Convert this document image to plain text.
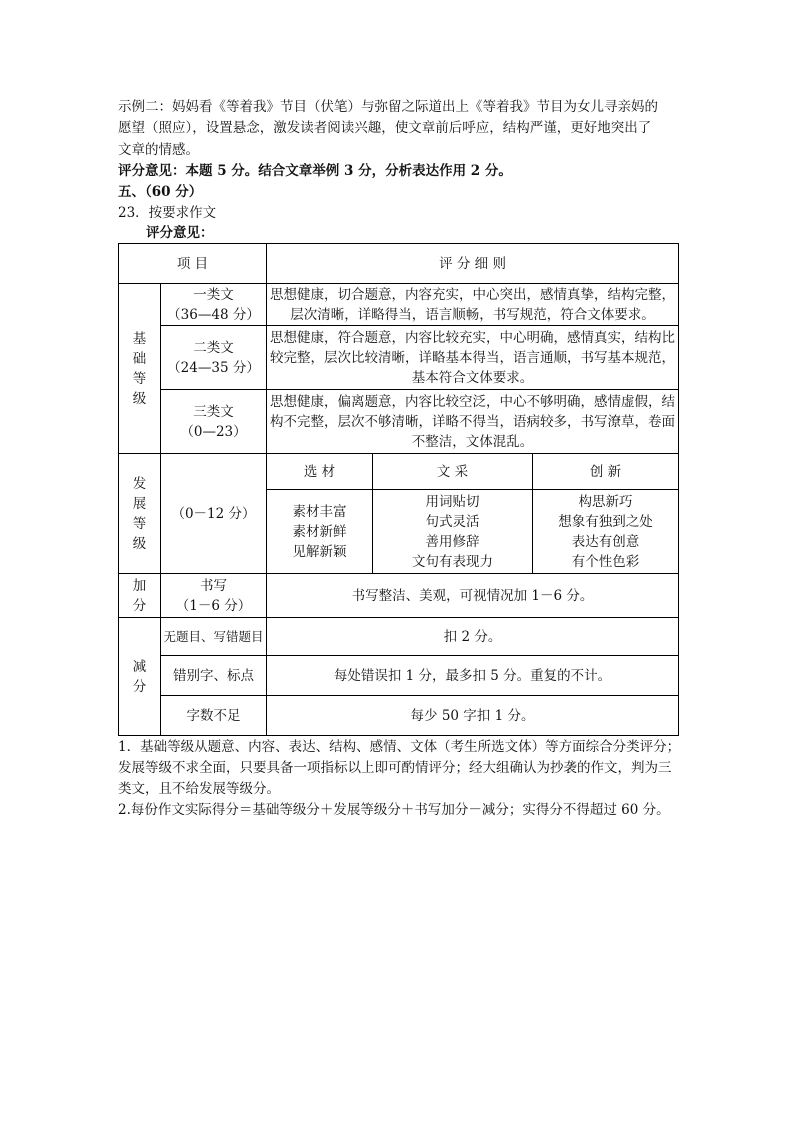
示例二：妈妈看《等着我》节目（伏笔）与弥留之际道出上《等着我》节目为女儿寻亲妈的
愿望（照应），设置悬念，激发读者阅读兴趣，使文章前后呼应，结构严谨，更好地突出了
文章的情感。
评分意见：本题 5 分。结合文章举例 3 分，分析表达作用 2 分。
五、（60 分）
23．按要求作文
评分意见：
项 目		评 分 细 则		

基
础
等
级	一类文
（36—48 分）	思想健康，切合题意，内容充实，中心突出，感情真挚，结构完整，层次清晰，详略得当，语言顺畅，书写规范，符合文体要求。		

	二类文
（24—35 分）	思想健康，符合题意，内容比较充实，中心明确，感情真实，结构比较完整，层次比较清晰，详略基本得当，语言通顺，书写基本规范，基本符合文体要求。		

	三类文
（0—23）	思想健康，偏离题意，内容比较空泛，中心不够明确，感情虚假，结构不完整，层次不够清晰，详略不得当，语病较多，书写潦草，卷面不整洁，文体混乱。		

发
展
等
级	（0－12 分）	选 材	文 采	创 新

		素材丰富
素材新鲜
见解新颖	用词贴切
句式灵活
善用修辞
文句有表现力	构思新巧
想象有独到之处
表达有创意
有个性色彩

加
分	书写
（1－6 分）	书写整洁、美观，可视情况加 1－6 分。		

减
分	无题目、写错题目	扣 2 分。		
	错别字、标点	每处错误扣 1 分，最多扣 5 分。重复的不计。		
	字数不足	每少 50 字扣 1 分。		
1．基础等级从题意、内容、表达、结构、感情、文体（考生所选文体）等方面综合分类评分；发展等级不求全面，只要具备一项指标以上即可酌情评分；经大组确认为抄袭的作文，判为三类文，且不给发展等级分。
2.每份作文实际得分＝基础等级分＋发展等级分＋书写加分－减分；实得分不得超过 60 分。
